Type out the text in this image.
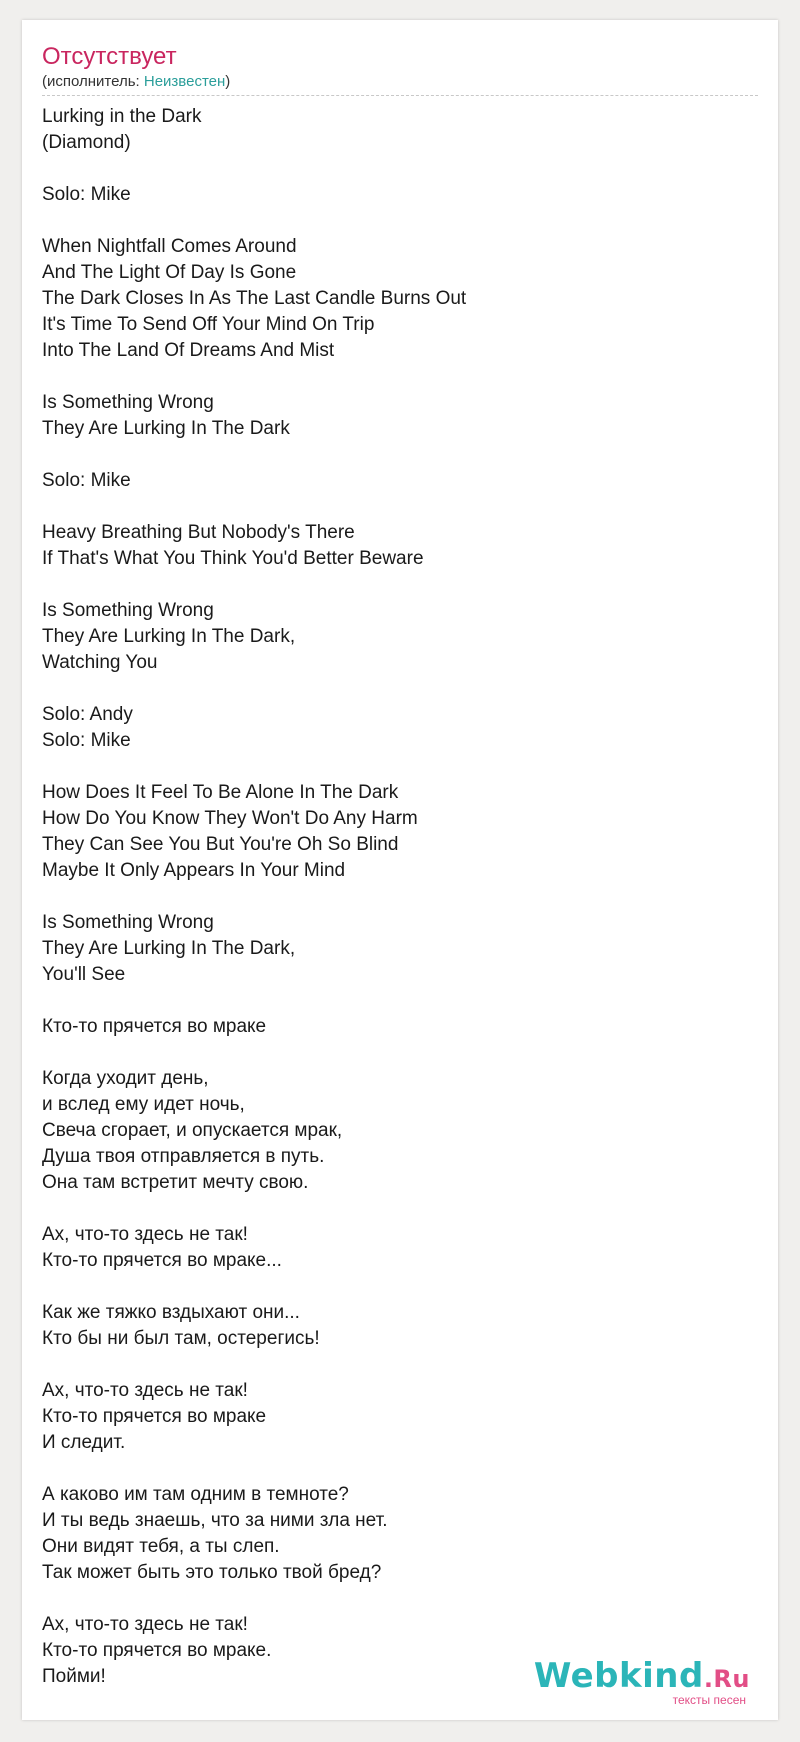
Отсутствует
(исполнитель: Неизвестен)
Lurking in the Dark
(Diamond)
Solo: Mike
When Nightfall Comes Around
And The Light Of Day Is Gone
The Dark Closes In As The Last Candle Burns Out
It's Time To Send Off Your Mind On Trip
Into The Land Of Dreams And Mist
Is Something Wrong
They Are Lurking In The Dark
Solo: Mike
Heavy Breathing But Nobody's There
If That's What You Think You'd Better Beware
Is Something Wrong
They Are Lurking In The Dark,
Watching You
Solo: Andy
Solo: Mike
How Does It Feel To Be Alone In The Dark
How Do You Know They Won't Do Any Harm
They Can See You But You're Oh So Blind
Maybe It Only Appears In Your Mind
Is Something Wrong
They Are Lurking In The Dark,
You'll See
Кто-то прячется во мраке
Когда уходит день,
и вслед ему идет ночь,
Свеча сгорает, и опускается мрак,
Душа твоя отправляется в путь.
Она там встретит мечту свою.
Ах, что-то здесь не так!
Кто-то прячется во мраке...
Как же тяжко вздыхают они...
Кто бы ни был там, остерегись!
Ах, что-то здесь не так!
Кто-то прячется во мраке
И следит.
А каково им там одним в темноте?
И ты ведь знаешь, что за ними зла нет.
Они видят тебя, а ты слеп.
Так может быть это только твой бред?
Ах, что-то здесь не так!
Кто-то прячется во мраке.
Пойми!	Webkind.Ru
тексты песен
